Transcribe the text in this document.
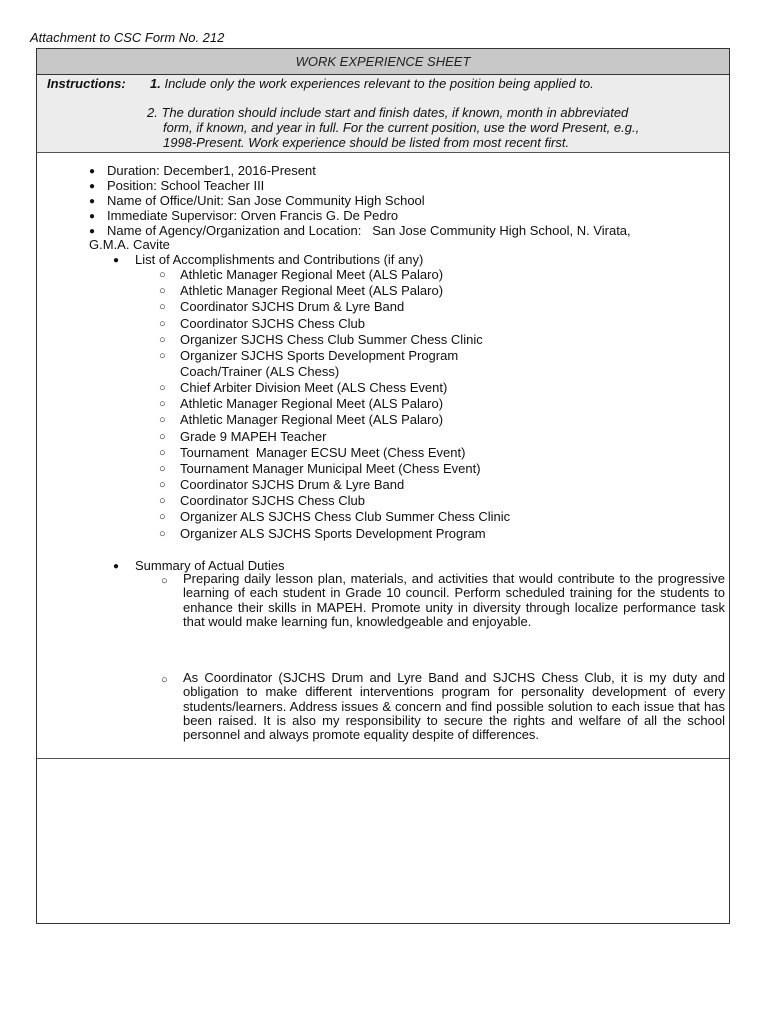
Attachment to CSC Form No. 212
WORK EXPERIENCE SHEET
Instructions: 1. Include only the work experiences relevant to the position being applied to.
2. The duration should include start and finish dates, if known, month in abbreviated
form, if known, and year in full. For the current position, use the word Present, e.g.,
1998-Present. Work experience should be listed from most recent first.
● Duration: December1, 2016-Present
● Position: School Teacher III
● Name of Office/Unit: San Jose Community High School
● Immediate Supervisor: Orven Francis G. De Pedro
● Name of Agency/Organization and Location:   San Jose Community High School, N. Virata,
G.M.A. Cavite
● List of Accomplishments and Contributions (if any)
○ Athletic Manager Regional Meet (ALS Palaro)
○ Athletic Manager Regional Meet (ALS Palaro)
○ Coordinator SJCHS Drum & Lyre Band
○ Coordinator SJCHS Chess Club
○ Organizer SJCHS Chess Club Summer Chess Clinic
○ Organizer SJCHS Sports Development Program
Coach/Trainer (ALS Chess)
○ Chief Arbiter Division Meet (ALS Chess Event)
○ Athletic Manager Regional Meet (ALS Palaro)
○ Athletic Manager Regional Meet (ALS Palaro)
○ Grade 9 MAPEH Teacher
○ Tournament  Manager ECSU Meet (Chess Event)
○ Tournament Manager Municipal Meet (Chess Event)
○ Coordinator SJCHS Drum & Lyre Band
○ Coordinator SJCHS Chess Club
○ Organizer ALS SJCHS Chess Club Summer Chess Clinic
○ Organizer ALS SJCHS Sports Development Program
● Summary of Actual Duties
○ Preparing daily lesson plan, materials, and activities that would contribute to the progressive learning of each student in Grade 10 council. Perform scheduled training for the students to enhance their skills in MAPEH. Promote unity in diversity through localize performance task that would make learning fun, knowledgeable and enjoyable.
○ As Coordinator (SJCHS Drum and Lyre Band and SJCHS Chess Club, it is my duty and obligation to make different interventions program for personality development of every students/learners. Address issues & concern and find possible solution to each issue that has been raised. It is also my responsibility to secure the rights and welfare of all the school personnel and always promote equality despite of differences.
